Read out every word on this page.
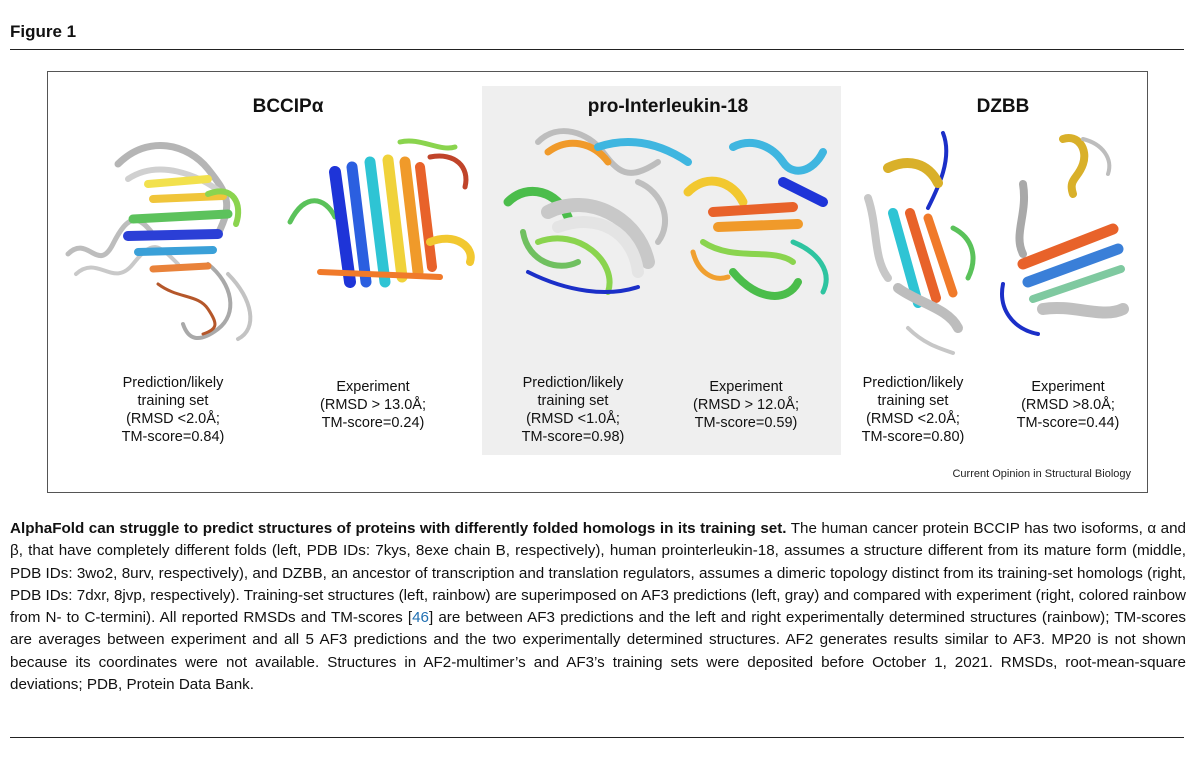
Figure 1
BCCIPα	pro-Interleukin-18	DZBB
Prediction/likely
training set
(RMSD <2.0Å;
TM-score=0.84)
Experiment
(RMSD > 13.0Å;
TM-score=0.24)
Prediction/likely
training set
(RMSD <1.0Å;
TM-score=0.98)
Experiment
(RMSD > 12.0Å;
TM-score=0.59)
Prediction/likely
training set
(RMSD <2.0Å;
TM-score=0.80)
Experiment
(RMSD >8.0Å;
TM-score=0.44)
Current Opinion in Structural Biology
AlphaFold can struggle to predict structures of proteins with differently folded homologs in its training set. The human cancer protein BCCIP has two isoforms, α and β, that have completely different folds (left, PDB IDs: 7kys, 8exe chain B, respectively), human prointerleukin-18, assumes a structure different from its mature form (middle, PDB IDs: 3wo2, 8urv, respectively), and DZBB, an ancestor of transcription and translation regulators, assumes a dimeric topology distinct from its training-set homologs (right, PDB IDs: 7dxr, 8jvp, respectively). Training-set structures (left, rainbow) are superimposed on AF3 predictions (left, gray) and compared with experiment (right, colored rainbow from N- to C-termini). All reported RMSDs and TM-scores [46] are between AF3 predictions and the left and right experimentally determined structures (rainbow); TM-scores are averages between experiment and all 5 AF3 predictions and the two experimentally determined structures. AF2 generates results similar to AF3. MP20 is not shown because its coordinates were not available. Structures in AF2-multimer’s and AF3’s training sets were deposited before October 1, 2021. RMSDs, root-mean-square deviations; PDB, Protein Data Bank.
